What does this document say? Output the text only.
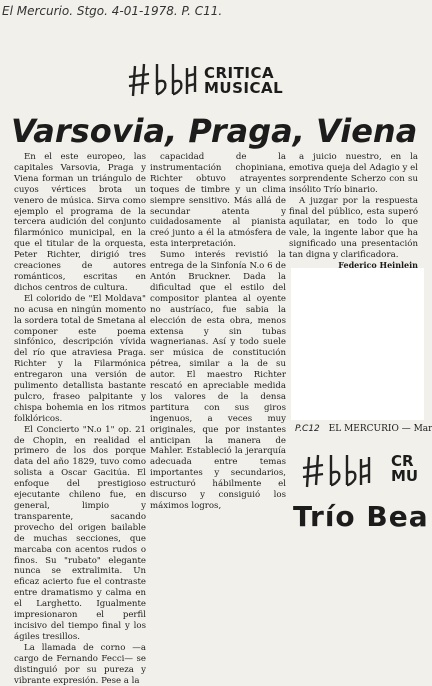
El Mercurio. Stgo. 4-01-1978. P. C11.
CRITICA
MUSICAL
Varsovia, Praga, Viena

En el este europeo, las capitales Varsovia, Praga y Viena forman un triángulo de cuyos vértices brota un venero de música. Sirva como ejemplo el programa de la tercera audición del conjunto filarmónico municipal, en la que el titular de la orquesta, Peter Richter, dirigió tres creaciones de autores románticos, escritas en dichos centros de cultura.

El colorido de "El Moldava" no acusa en ningún momento la sordera total de Smetana al componer este poema sinfónico, descripción vívida del río que atraviesa Praga. Richter y la Filarmónica entregaron una versión de pulimento detallista bastante pulcro, fraseo palpitante y chispa bohemia en los ritmos folklóricos.

El Concierto "N.o 1" op. 21 de Chopin, en realidad el primero de los dos porque data del año 1829, tuvo como solista a Oscar Gacitúa. El enfoque del prestigioso ejecutante chileno fue, en general, limpio y transparente, sacando provecho del origen bailable de muchas secciones, que marcaba con acentos rudos o finos. Su "rubato" elegante nunca se extralimita. Un eficaz acierto fue el contraste entre dramatismo y calma en el Larghetto. Igualmente impresionaron el perfil incisivo del tiempo final y los ágiles tresillos.

La llamada de corno —a cargo de Fernando Fecci— se distinguió por su pureza y vibrante expresión. Pese a la

capacidad de la instrumentación chopiniana, Richter obtuvo atrayentes toques de timbre y un clima siempre sensitivo. Más allá de secundar atenta y cuidadosamente al pianista creó junto a él la atmósfera de esta interpretación.

Sumo interés revistió la entrega de la Sinfonía N.o 6 de Antón Bruckner. Dada la dificultad que el estilo del compositor plantea al oyente no austríaco, fue sabia la elección de esta obra, menos extensa y sin tubas wagnerianas. Así y todo suele ser música de constitución pétrea, similar a la de su autor. El maestro Richter rescató en apreciable medida los valores de la densa partitura con sus giros ingenuos, a veces muy originales, que por instantes anticipan la manera de Mahler. Estableció la jerarquía adecuada entre temas importantes y secundarios, estructuró hábilmente el discurso y consiguió los máximos logros,

a juicio nuestro, en la emotiva queja del Adagio y el sorprendente Scherzo con su insólito Trío binario.

A juzgar por la respuesta final del público, esta superó aquilatar, en todo lo que vale, la ingente labor que ha significado una presentación tan digna y clarificadora.

Federico Heinlein
P.C12 EL MERCURIO — Mar
CR
MU
Trío Bea
